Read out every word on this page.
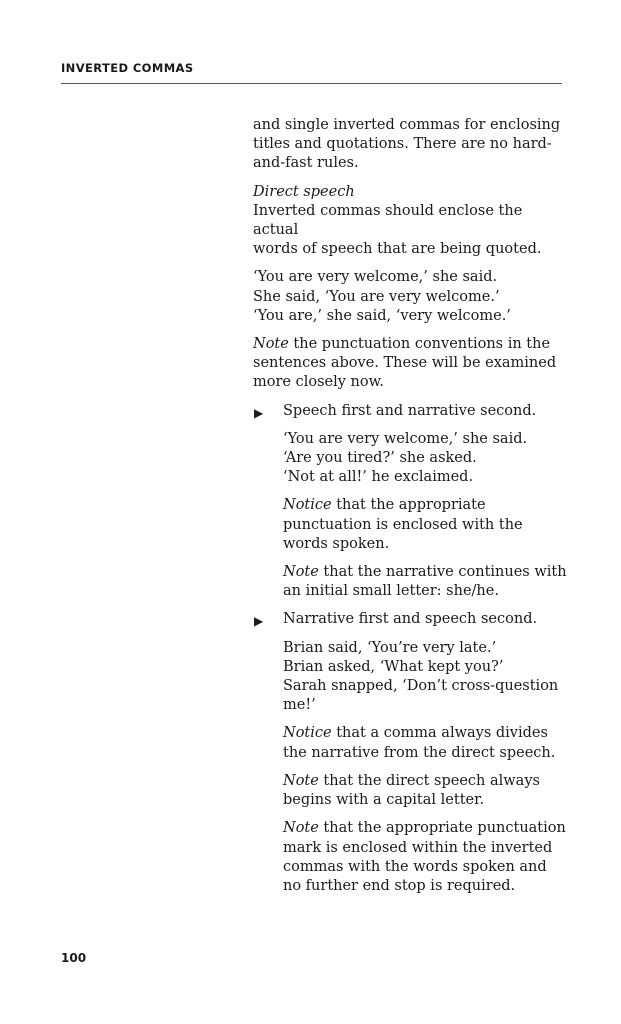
INVERTED COMMAS

and single inverted commas for enclosing
titles and quotations. There are no hard-
and-fast rules.

Direct speech
Inverted commas should enclose the actual
words of speech that are being quoted.

‘You are very welcome,’ she said.
She said, ‘You are very welcome.’
‘You are,’ she said, ‘very welcome.’

Note the punctuation conventions in the
sentences above. These will be examined
more closely now.

▶ Speech first and narrative second.

‘You are very welcome,’ she said.
‘Are you tired?’ she asked.
‘Not at all!’ he exclaimed.

Notice that the appropriate
punctuation is enclosed with the
words spoken.

Note that the narrative continues with
an initial small letter: she/he.

▶ Narrative first and speech second.

Brian said, ‘You’re very late.’
Brian asked, ‘What kept you?’
Sarah snapped, ‘Don’t cross-question
me!’

Notice that a comma always divides
the narrative from the direct speech.

Note that the direct speech always
begins with a capital letter.

Note that the appropriate punctuation
mark is enclosed within the inverted
commas with the words spoken and
no further end stop is required.

100
